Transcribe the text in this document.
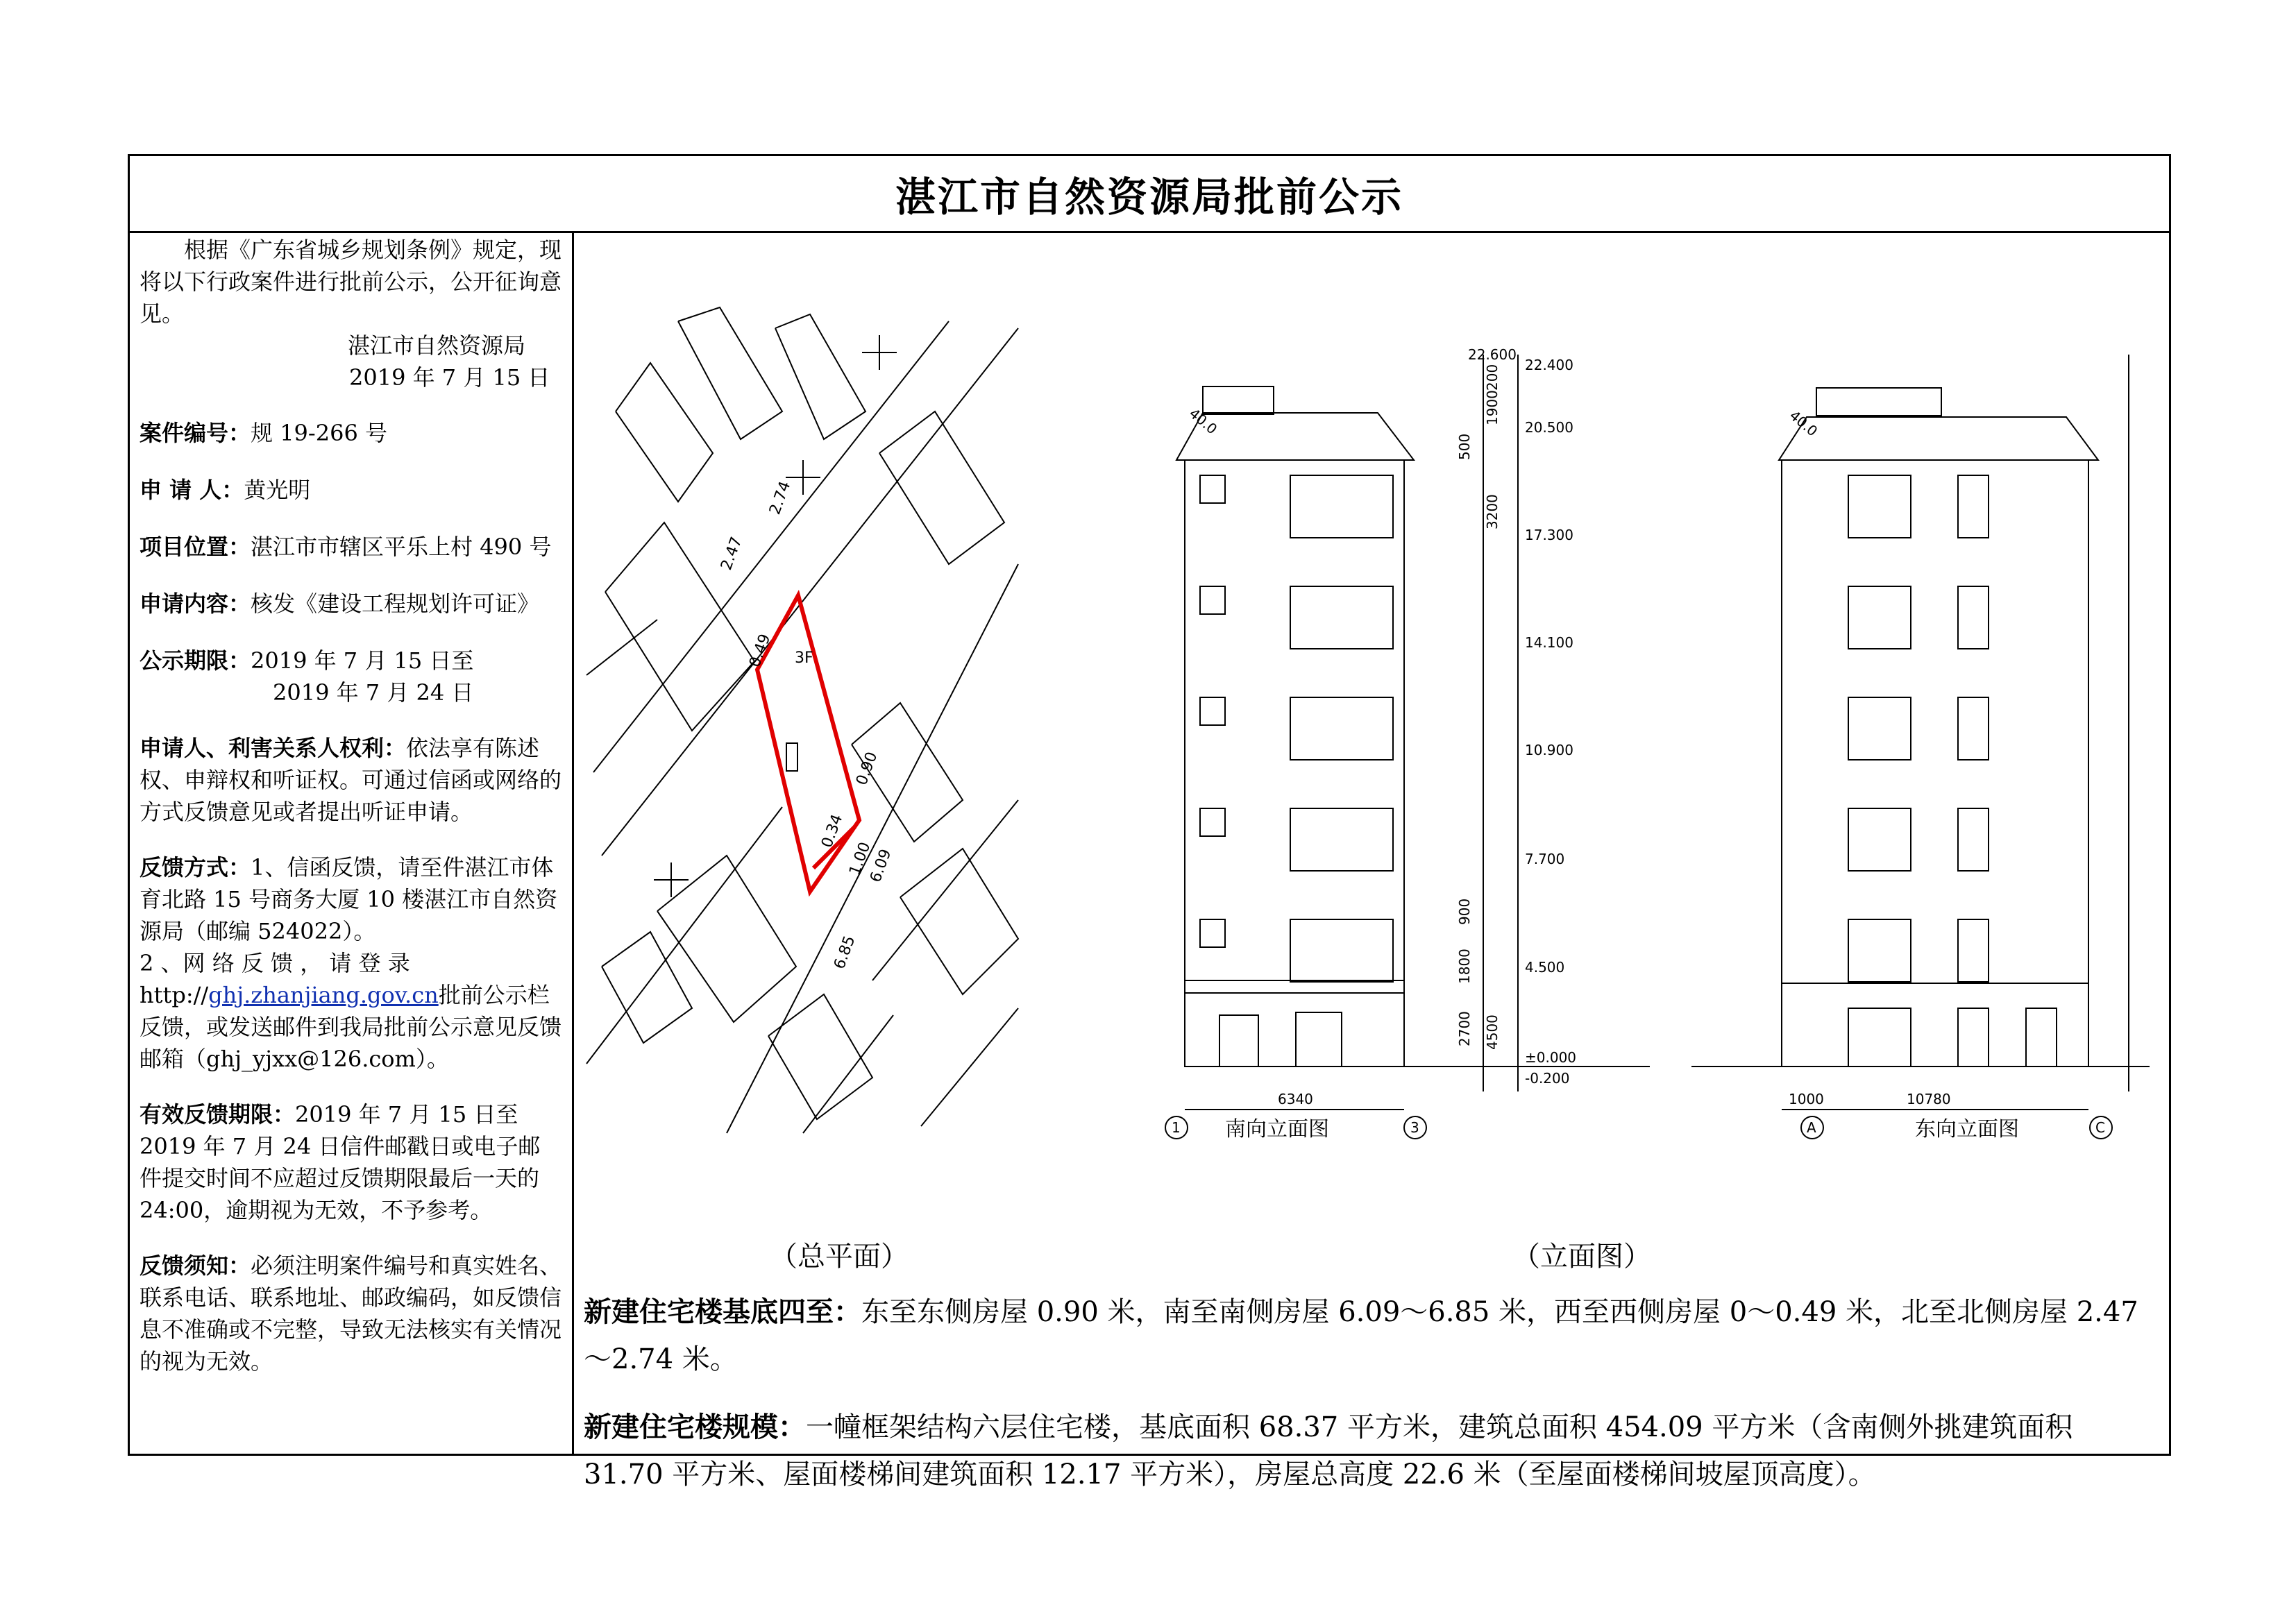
湛江市自然资源局批前公示

根据《广东省城乡规划条例》规定，现将以下行政案件进行批前公示，公开征询意见。

湛江市自然资源局
2019 年 7 月 15 日

案件编号：规 19-266 号

申 请 人：黄光明

项目位置：湛江市市辖区平乐上村 490 号

申请内容：核发《建设工程规划许可证》

公示期限：2019 年 7 月 15 日至

2019 年 7 月 24 日

申请人、利害关系人权利：依法享有陈述权、申辩权和听证权。可通过信函或网络的方式反馈意见或者提出听证申请。

反馈方式：1、信函反馈，请至件湛江市体育北路 15 号商务大厦 10 楼湛江市自然资源局（邮编 524022）。

2 、网 络 反 馈 ， 请 登 录 http://ghj.zhanjiang.gov.cn批前公示栏反馈，或发送邮件到我局批前公示意见反馈邮箱（ghj_yjxx@126.com）。

有效反馈期限：2019 年 7 月 15 日至 2019 年 7 月 24 日信件邮戳日或电子邮件提交时间不应超过反馈期限最后一天的 24:00，逾期视为无效，不予参考。

反馈须知：必须注明案件编号和真实姓名、联系电话、联系地址、邮政编码，如反馈信息不准确或不完整，导致无法核实有关情况的视为无效。

3F
2.47
2.74
0.90
6.09
6.85
0.49
1.00
0.34
6340
1	3
南向立面图
40.0
22.600
22.400
20.500
17.300
14.100
10.900
7.700
4.500
±0.000
-0.200
200
1900
3200
4500
2700
1800
900
500
10780
1000
A	C
东向立面图
40.0
（总平面）	（立面图）

新建住宅楼基底四至：东至东侧房屋 0.90 米，南至南侧房屋 6.09～6.85 米，西至西侧房屋 0～0.49 米，北至北侧房屋 2.47～2.74 米。

新建住宅楼规模：一幢框架结构六层住宅楼，基底面积 68.37 平方米，建筑总面积 454.09 平方米（含南侧外挑建筑面积 31.70 平方米、屋面楼梯间建筑面积 12.17 平方米），房屋总高度 22.6 米（至屋面楼梯间坡屋顶高度）。
